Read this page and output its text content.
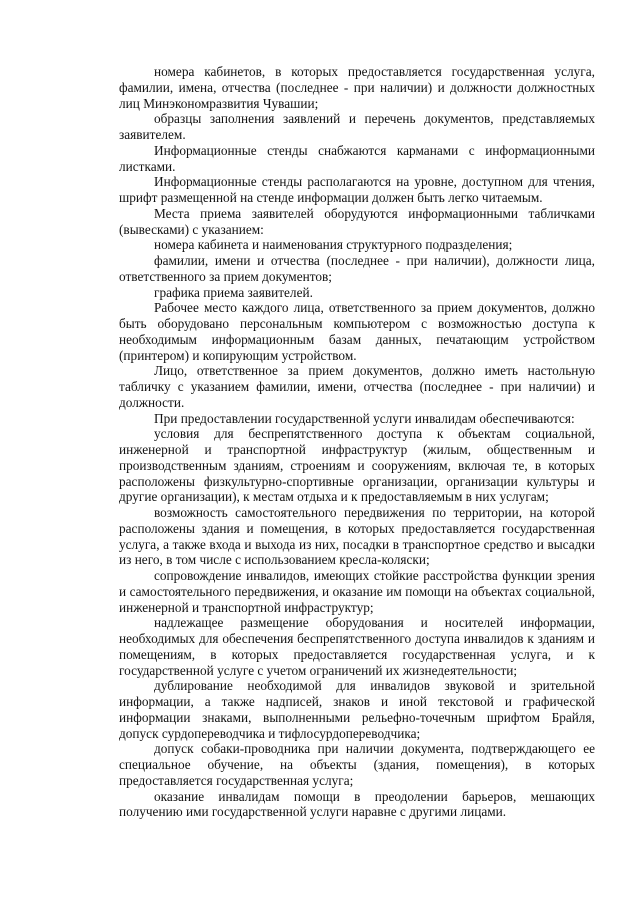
номера кабинетов, в которых предоставляется государственная услуга, фамилии, имена, отчества (последнее - при наличии) и должности должностных лиц Минэкономразвития Чувашии;

образцы заполнения заявлений и перечень документов, представляемых заявителем.

Информационные стенды снабжаются карманами с информационными листками.

Информационные стенды располагаются на уровне, доступном для чтения, шрифт размещенной на стенде информации должен быть легко читаемым.

Места приема заявителей оборудуются информационными табличками (вывесками) с указанием:

номера кабинета и наименования структурного подразделения;

фамилии, имени и отчества (последнее - при наличии), должности лица, ответственного за прием документов;

графика приема заявителей.

Рабочее место каждого лица, ответственного за прием документов, должно быть оборудовано персональным компьютером с возможностью доступа к необходимым информационным базам данных, печатающим устройством (принтером) и копирующим устройством.

Лицо, ответственное за прием документов, должно иметь настольную табличку с указанием фамилии, имени, отчества (последнее - при наличии) и должности.

При предоставлении государственной услуги инвалидам обеспечиваются:

условия для беспрепятственного доступа к объектам социальной, инженерной и транспортной инфраструктур (жилым, общественным и производственным зданиям, строениям и сооружениям, включая те, в которых расположены физкультурно-спортивные организации, организации культуры и другие организации), к местам отдыха и к предоставляемым в них услугам;

возможность самостоятельного передвижения по территории, на которой расположены здания и помещения, в которых предоставляется государственная услуга, а также входа и выхода из них, посадки в транспортное средство и высадки из него, в том числе с использованием кресла-коляски;

сопровождение инвалидов, имеющих стойкие расстройства функции зрения и самостоятельного передвижения, и оказание им помощи на объектах социальной, инженерной и транспортной инфраструктур;

надлежащее размещение оборудования и носителей информации, необходимых для обеспечения беспрепятственного доступа инвалидов к зданиям и помещениям, в которых предоставляется государственная услуга, и к государственной услуге с учетом ограничений их жизнедеятельности;

дублирование необходимой для инвалидов звуковой и зрительной информации, а также надписей, знаков и иной текстовой и графической информации знаками, выполненными рельефно-точечным шрифтом Брайля, допуск сурдопереводчика и тифлосурдопереводчика;

допуск собаки-проводника при наличии документа, подтверждающего ее специальное обучение, на объекты (здания, помещения), в которых предоставляется государственная услуга;

оказание инвалидам помощи в преодолении барьеров, мешающих получению ими государственной услуги наравне с другими лицами.
